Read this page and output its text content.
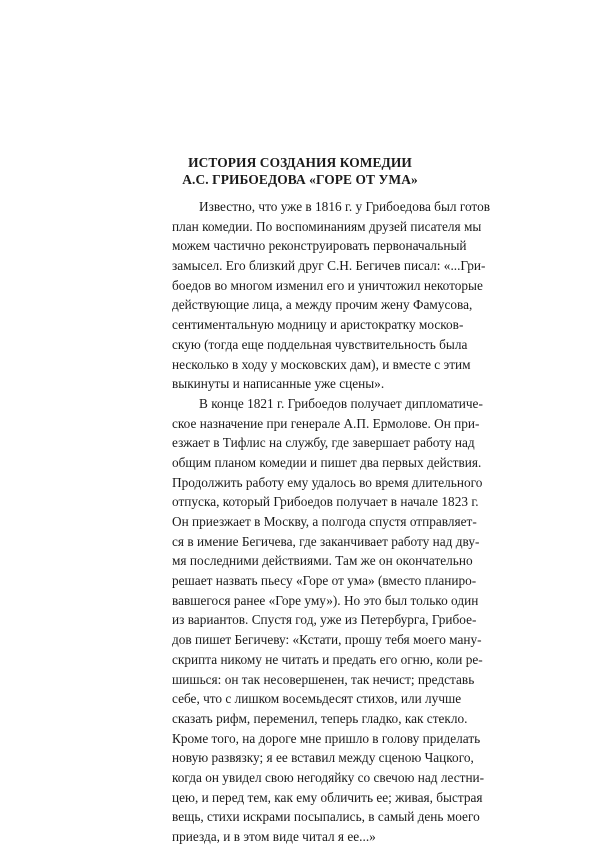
ИСТОРИЯ СОЗДАНИЯ КОМЕДИИ
А.С. ГРИБОЕДОВА «ГОРЕ ОТ УМА»
Известно, что уже в 1816 г. у Грибоедова был готов
план комедии. По воспоминаниям друзей писателя мы
можем частично реконструировать первоначальный
замысел. Его близкий друг С.Н. Бегичев писал: «...Гри-
боедов во многом изменил его и уничтожил некоторые
действующие лица, а между прочим жену Фамусова,
сентиментальную модницу и аристократку москов-
скую (тогда еще поддельная чувствительность была
несколько в ходу у московских дам), и вместе с этим
выкинуты и написанные уже сцены».
В конце 1821 г. Грибоедов получает дипломатиче-
ское назначение при генерале А.П. Ермолове. Он при-
езжает в Тифлис на службу, где завершает работу над
общим планом комедии и пишет два первых действия.
Продолжить работу ему удалось во время длительного
отпуска, который Грибоедов получает в начале 1823 г.
Он приезжает в Москву, а полгода спустя отправляет-
ся в имение Бегичева, где заканчивает работу над дву-
мя последними действиями. Там же он окончательно
решает назвать пьесу «Горе от ума» (вместо планиро-
вавшегося ранее «Горе уму»). Но это был только один
из вариантов. Спустя год, уже из Петербурга, Грибое-
дов пишет Бегичеву: «Кстати, прошу тебя моего ману-
скрипта никому не читать и предать его огню, коли ре-
шишься: он так несовершенен, так нечист; представь
себе, что с лишком восемьдесят стихов, или лучше
сказать рифм, переменил, теперь гладко, как стекло.
Кроме того, на дороге мне пришло в голову приделать
новую развязку; я ее вставил между сценою Чацкого,
когда он увидел свою негодяйку со свечою над лестни-
цею, и перед тем, как ему обличить ее; живая, быстрая
вещь, стихи искрами посыпались, в самый день моего
приезда, и в этом виде читал я ее...»
